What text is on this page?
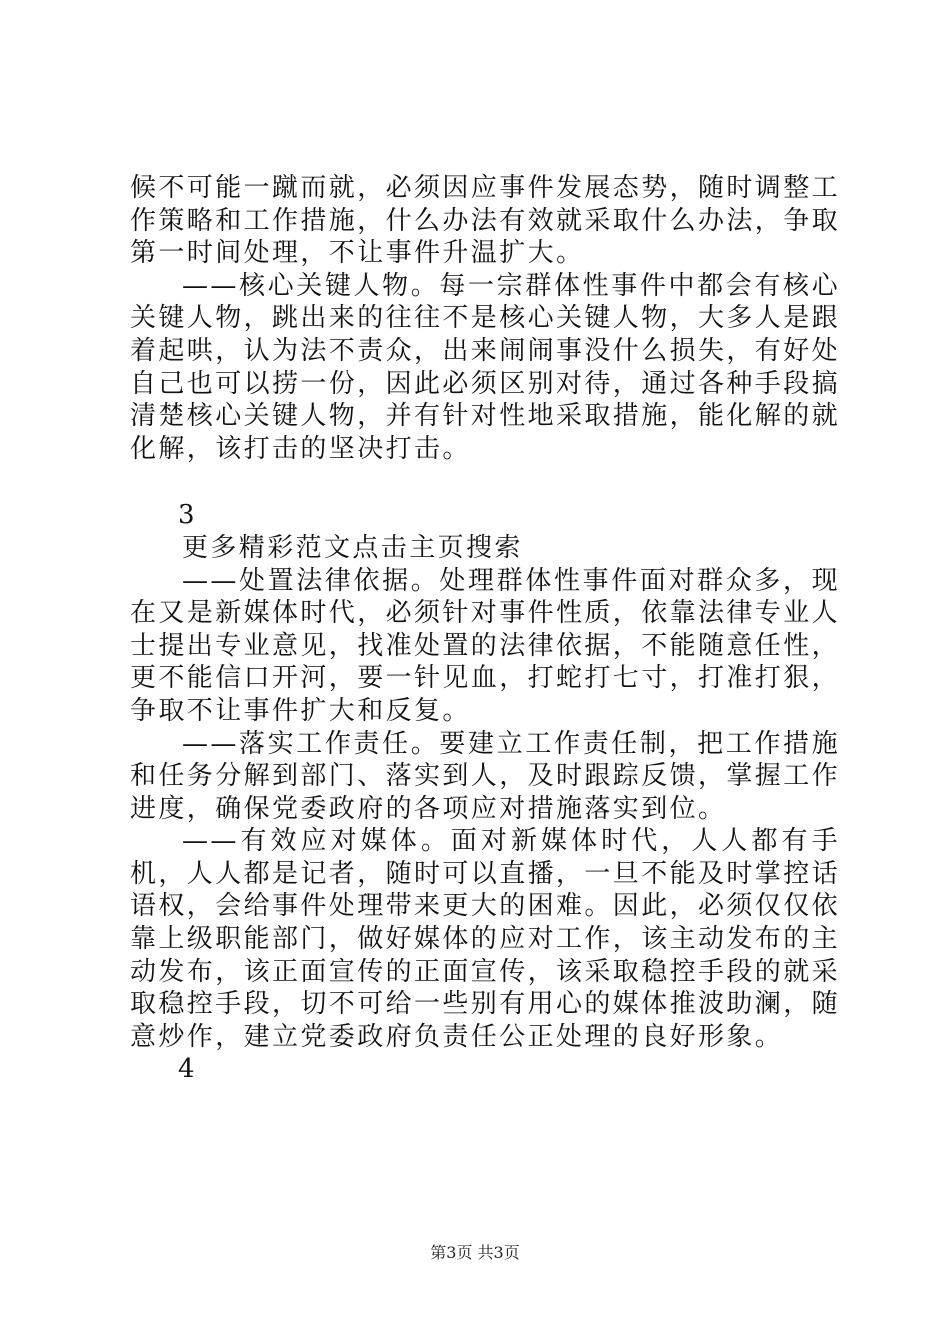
候不可能一蹴而就，必须因应事件发展态势，随时调整工作策略和工作措施，什么办法有效就采取什么办法，争取第一时间处理，不让事件升温扩大。

——核心关键人物。每一宗群体性事件中都会有核心关键人物，跳出来的往往不是核心关键人物，大多人是跟着起哄，认为法不责众，出来闹闹事没什么损失，有好处自己也可以捞一份，因此必须区别对待，通过各种手段搞清楚核心关键人物，并有针对性地采取措施，能化解的就化解，该打击的坚决打击。

3

更多精彩范文点击主页搜索

——处置法律依据。处理群体性事件面对群众多，现在又是新媒体时代，必须针对事件性质，依靠法律专业人士提出专业意见，找准处置的法律依据，不能随意任性，更不能信口开河，要一针见血，打蛇打七寸，打准打狠，争取不让事件扩大和反复。

——落实工作责任。要建立工作责任制，把工作措施和任务分解到部门、落实到人，及时跟踪反馈，掌握工作进度，确保党委政府的各项应对措施落实到位。

——有效应对媒体。面对新媒体时代，人人都有手机，人人都是记者，随时可以直播，一旦不能及时掌控话语权，会给事件处理带来更大的困难。因此，必须仅仅依靠上级职能部门，做好媒体的应对工作，该主动发布的主动发布，该正面宣传的正面宣传，该采取稳控手段的就采取稳控手段，切不可给一些别有用心的媒体推波助澜，随意炒作，建立党委政府负责任公正处理的良好形象。

4

第3页 共3页
